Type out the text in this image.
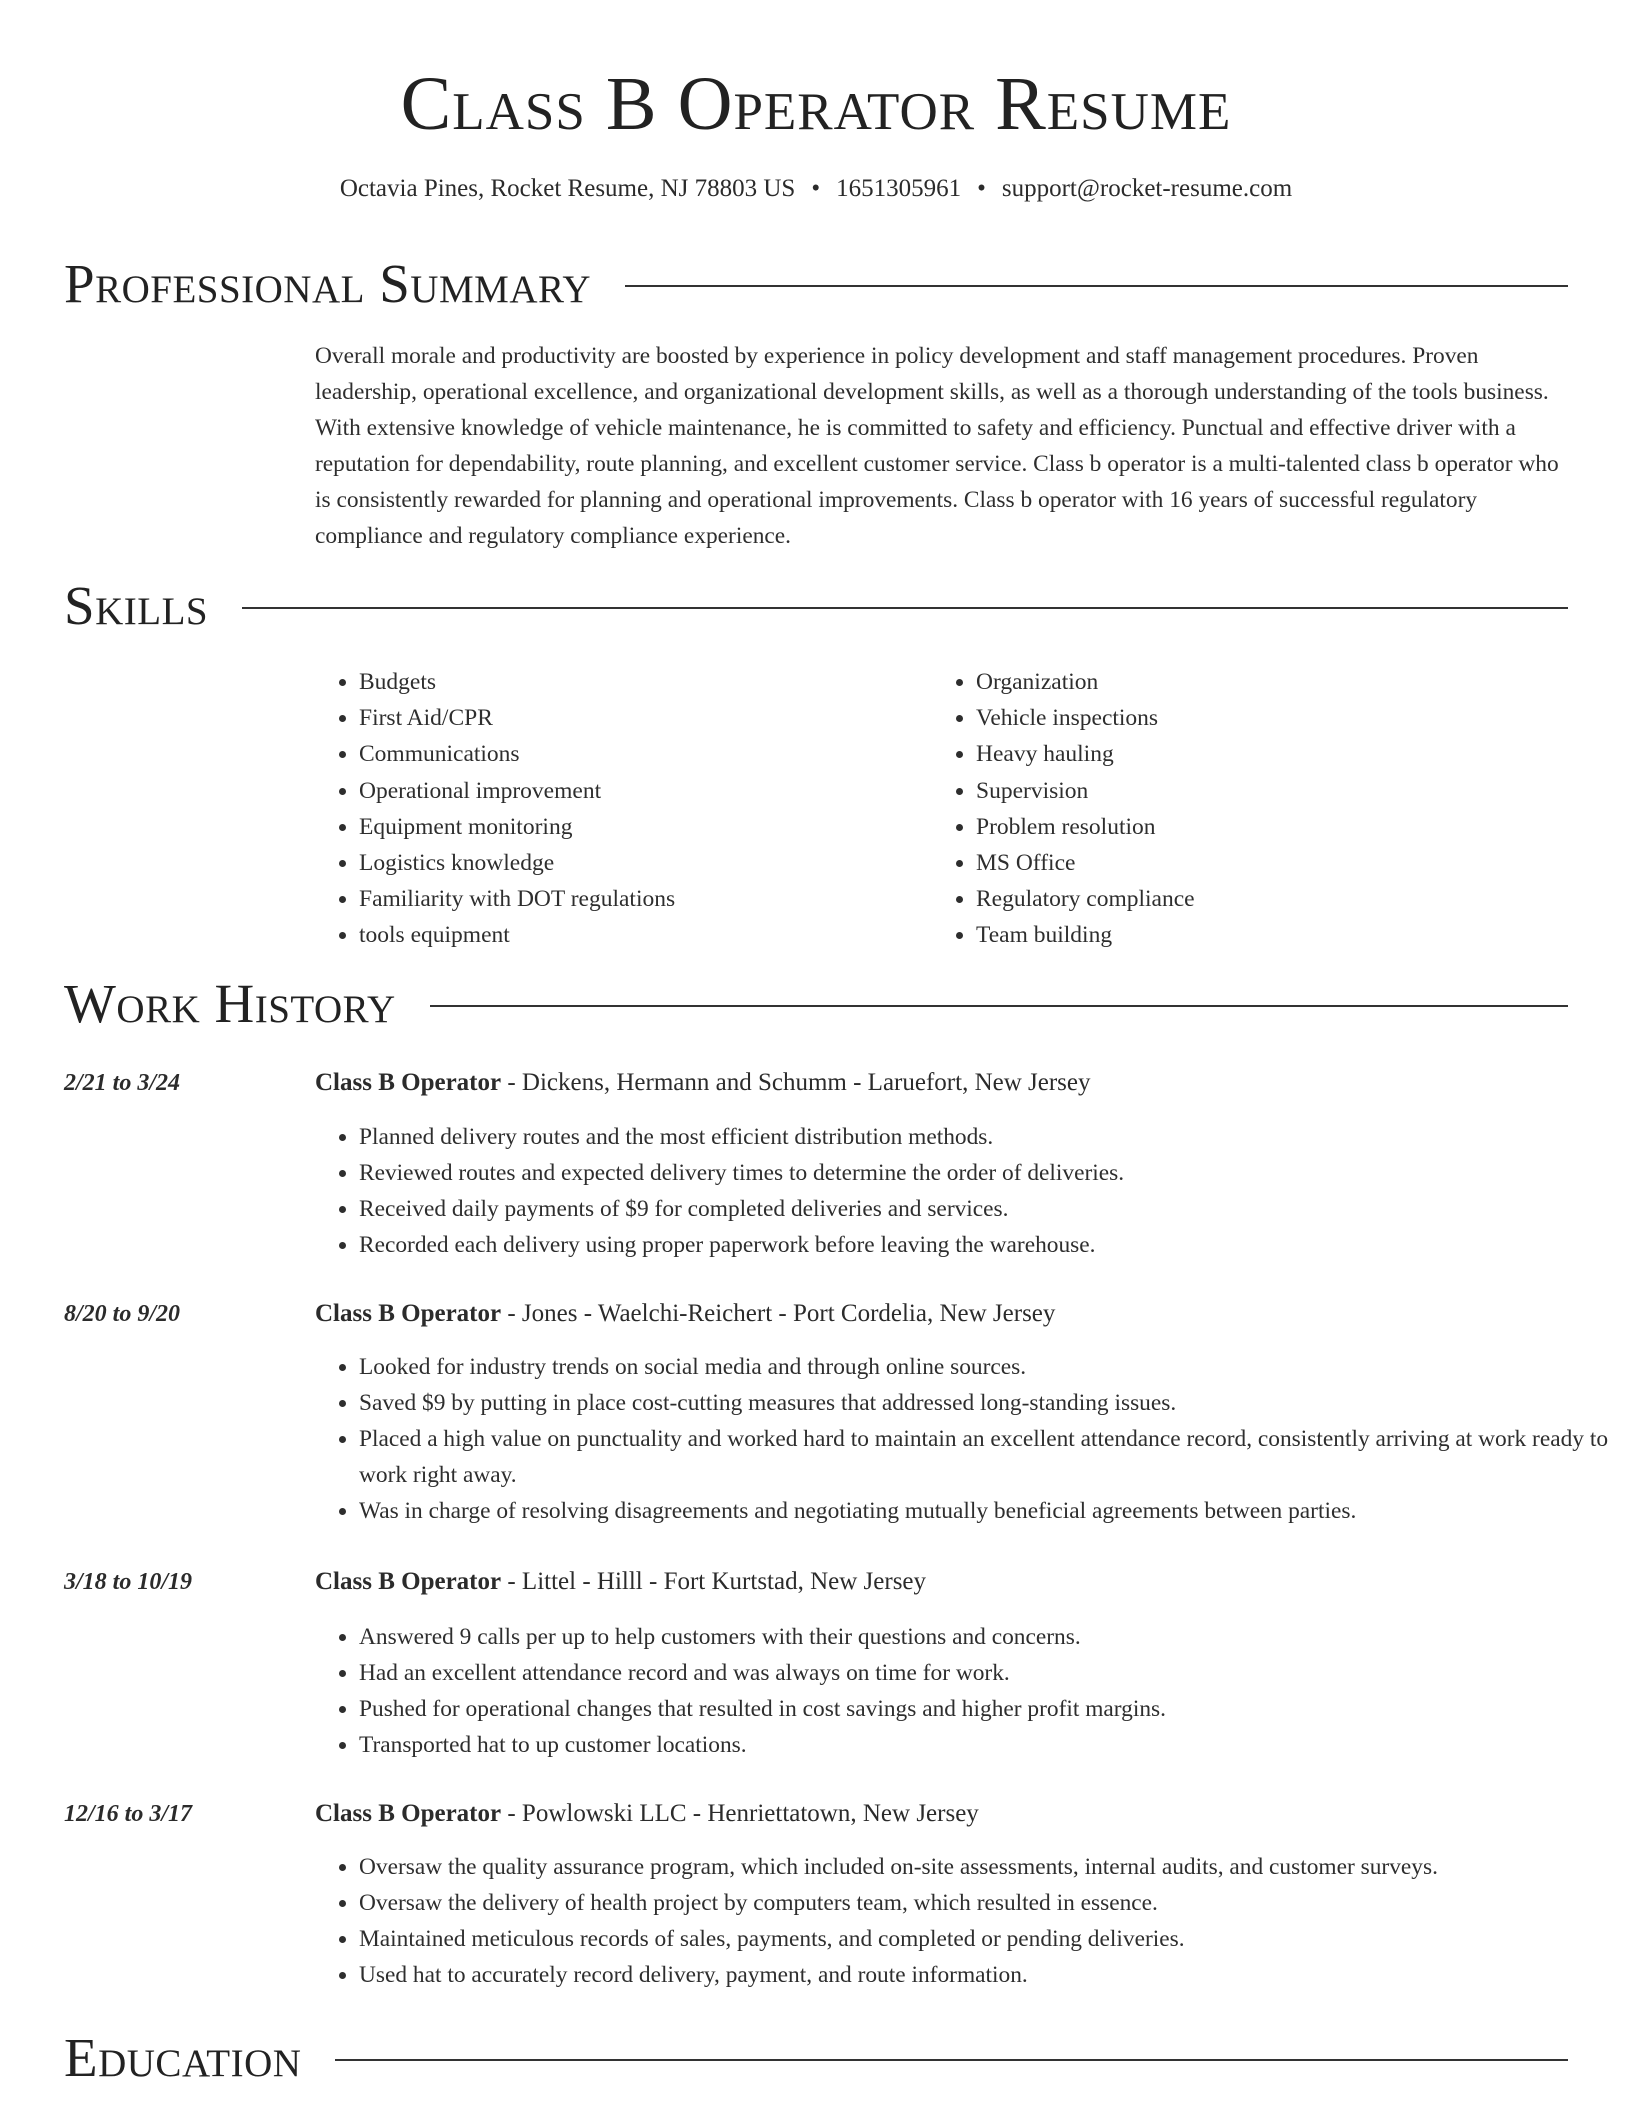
Class B Operator Resume
Octavia Pines, Rocket Resume, NJ 78803 US • 1651305961 • support@rocket-resume.com
Professional Summary

Overall morale and productivity are boosted by experience in policy development and staff management procedures. Proven leadership, operational excellence, and organizational development skills, as well as a thorough understanding of the tools business. With extensive knowledge of vehicle maintenance, he is committed to safety and efficiency. Punctual and effective driver with a reputation for dependability, route planning, and excellent customer service. Class b operator is a multi-talented class b operator who is consistently rewarded for planning and operational improvements. Class b operator with 16 years of successful regulatory compliance and regulatory compliance experience.

Skills
• Budgets
• First Aid/CPR
• Communications
• Operational improvement
• Equipment monitoring
• Logistics knowledge
• Familiarity with DOT regulations
• tools equipment
• Organization
• Vehicle inspections
• Heavy hauling
• Supervision
• Problem resolution
• MS Office
• Regulatory compliance
• Team building
Work History
2/21 to 3/24	Class B Operator - Dickens, Hermann and Schumm - Laruefort, New Jersey
• Planned delivery routes and the most efficient distribution methods.
• Reviewed routes and expected delivery times to determine the order of deliveries.
• Received daily payments of $9 for completed deliveries and services.
• Recorded each delivery using proper paperwork before leaving the warehouse.
8/20 to 9/20	Class B Operator - Jones - Waelchi-Reichert - Port Cordelia, New Jersey
• Looked for industry trends on social media and through online sources.
• Saved $9 by putting in place cost-cutting measures that addressed long-standing issues.
• Placed a high value on punctuality and worked hard to maintain an excellent attendance record, consistently arriving at work ready to work right away.
• Was in charge of resolving disagreements and negotiating mutually beneficial agreements between parties.
3/18 to 10/19	Class B Operator - Littel - Hilll - Fort Kurtstad, New Jersey
• Answered 9 calls per up to help customers with their questions and concerns.
• Had an excellent attendance record and was always on time for work.
• Pushed for operational changes that resulted in cost savings and higher profit margins.
• Transported hat to up customer locations.
12/16 to 3/17	Class B Operator - Powlowski LLC - Henriettatown, New Jersey
• Oversaw the quality assurance program, which included on-site assessments, internal audits, and customer surveys.
• Oversaw the delivery of health project by computers team, which resulted in essence.
• Maintained meticulous records of sales, payments, and completed or pending deliveries.
• Used hat to accurately record delivery, payment, and route information.
Education
